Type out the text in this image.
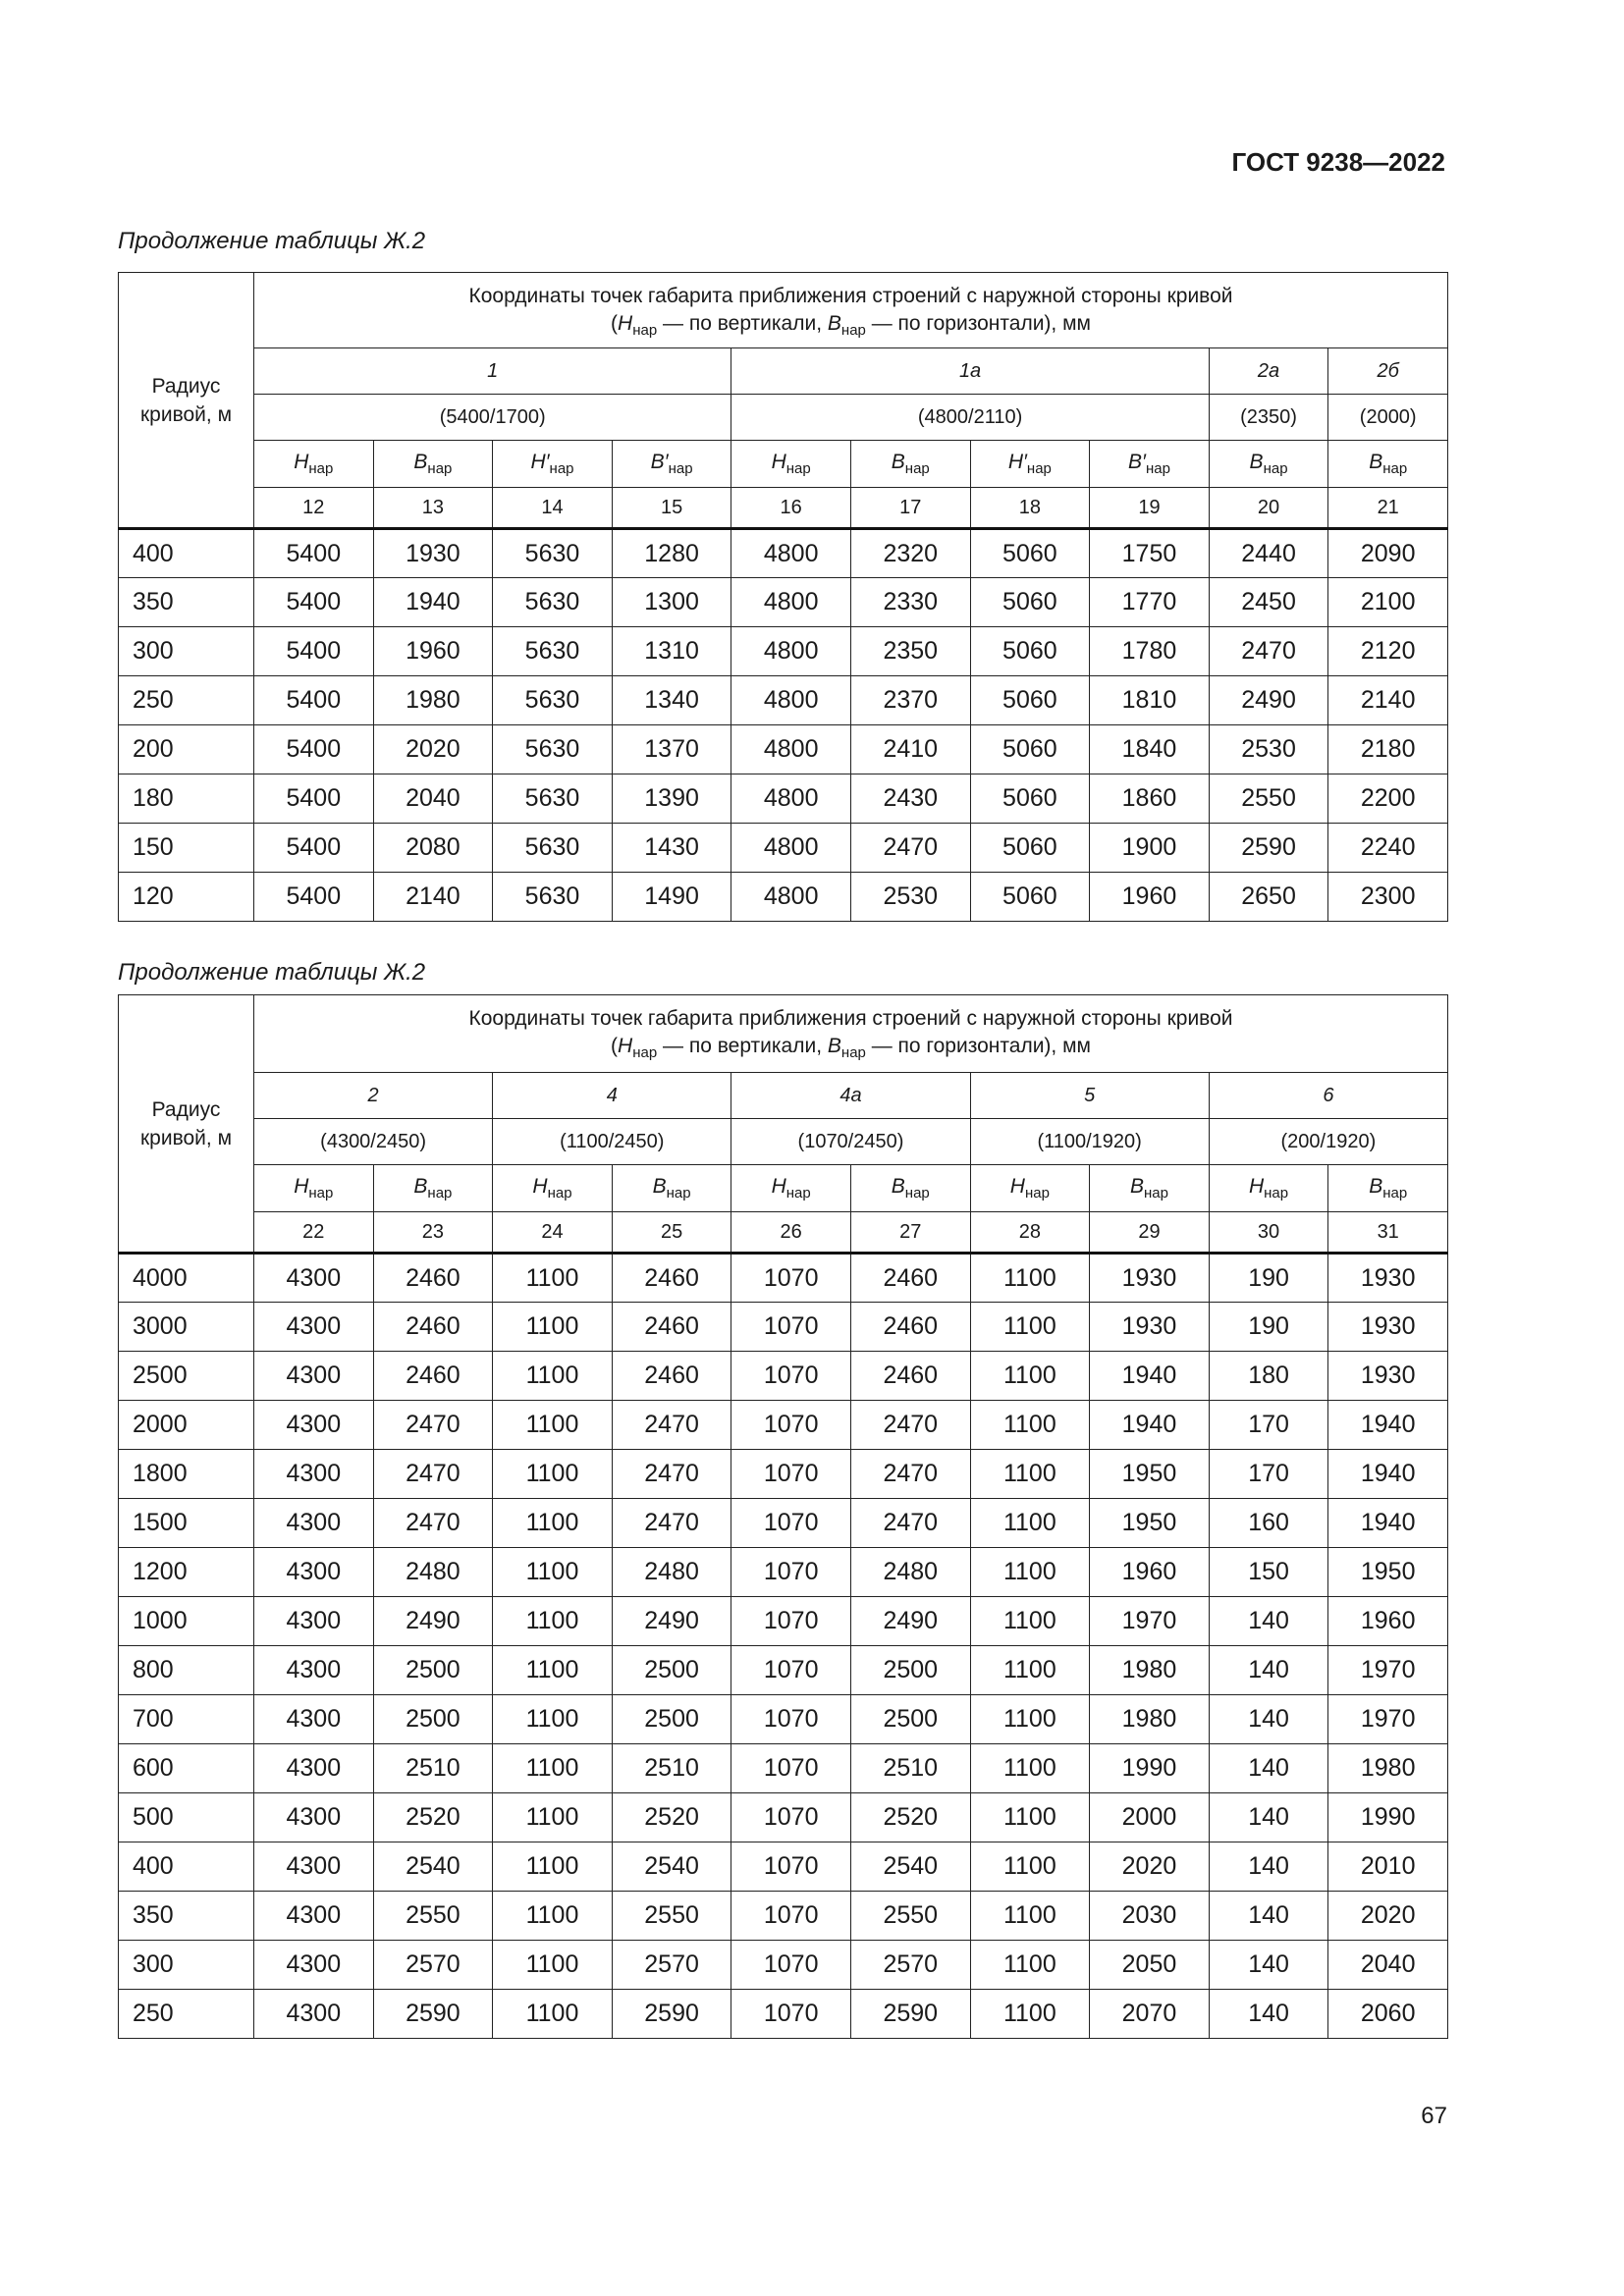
ГОСТ 9238—2022
Продолжение таблицы Ж.2
Радиус кривой, м	Координаты точек габарита приближения строений с наружной стороны кривой
($H_{нар}$ — по вертикали, $B_{нар}$ — по горизонтали), мм									

	1				1а				2а	2б
	(5400/1700)				(4800/2110)				(2350)	(2000)
	$H_{нар}$	$B_{нар}$	$H'_{нар}$	$B'_{нар}$	$H_{нар}$	$B_{нар}$	$H'_{нар}$	$B'_{нар}$	$B_{нар}$	$B_{нар}$
	12	13	14	15	16	17	18	19	20	21
400	5400	1930	5630	1280	4800	2320	5060	1750	2440	2090
350	5400	1940	5630	1300	4800	2330	5060	1770	2450	2100
300	5400	1960	5630	1310	4800	2350	5060	1780	2470	2120
250	5400	1980	5630	1340	4800	2370	5060	1810	2490	2140
200	5400	2020	5630	1370	4800	2410	5060	1840	2530	2180
180	5400	2040	5630	1390	4800	2430	5060	1860	2550	2200
150	5400	2080	5630	1430	4800	2470	5060	1900	2590	2240
120	5400	2140	5630	1490	4800	2530	5060	1960	2650	2300
Продолжение таблицы Ж.2
Радиус кривой, м	Координаты точек габарита приближения строений с наружной стороны кривой
($H_{нар}$ — по вертикали, $B_{нар}$ — по горизонтали), мм									

	2		4		4а		5		6	
	(4300/2450)		(1100/2450)		(1070/2450)		(1100/1920)		(200/1920)	
	$H_{нар}$	$B_{нар}$	$H_{нар}$	$B_{нар}$	$H_{нар}$	$B_{нар}$	$H_{нар}$	$B_{нар}$	$H_{нар}$	$B_{нар}$
	22	23	24	25	26	27	28	29	30	31
4000	4300	2460	1100	2460	1070	2460	1100	1930	190	1930
3000	4300	2460	1100	2460	1070	2460	1100	1930	190	1930
2500	4300	2460	1100	2460	1070	2460	1100	1940	180	1930
2000	4300	2470	1100	2470	1070	2470	1100	1940	170	1940
1800	4300	2470	1100	2470	1070	2470	1100	1950	170	1940
1500	4300	2470	1100	2470	1070	2470	1100	1950	160	1940
1200	4300	2480	1100	2480	1070	2480	1100	1960	150	1950
1000	4300	2490	1100	2490	1070	2490	1100	1970	140	1960
800	4300	2500	1100	2500	1070	2500	1100	1980	140	1970
700	4300	2500	1100	2500	1070	2500	1100	1980	140	1970
600	4300	2510	1100	2510	1070	2510	1100	1990	140	1980
500	4300	2520	1100	2520	1070	2520	1100	2000	140	1990
400	4300	2540	1100	2540	1070	2540	1100	2020	140	2010
350	4300	2550	1100	2550	1070	2550	1100	2030	140	2020
300	4300	2570	1100	2570	1070	2570	1100	2050	140	2040
250	4300	2590	1100	2590	1070	2590	1100	2070	140	2060
67
